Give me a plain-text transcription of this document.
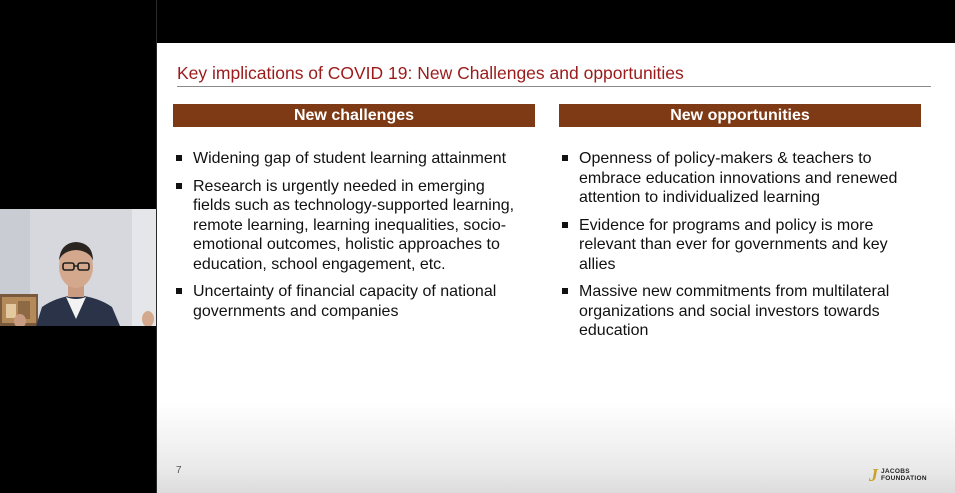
Key implications of COVID 19: New Challenges and opportunities
New challenges	New opportunities
Widening gap of student learning attainment
Research is urgently needed in emerging fields such as technology-supported learning, remote learning, learning inequalities, socio-emotional outcomes, holistic approaches to education, school engagement, etc.
Uncertainty of financial capacity of national governments and companies
Openness of policy-makers & teachers to embrace education innovations and renewed attention to individualized learning
Evidence for programs and policy is more relevant than ever for governments and key allies
Massive new commitments from multilateral organizations and social investors towards education
7	J JACOBS
FOUNDATION
